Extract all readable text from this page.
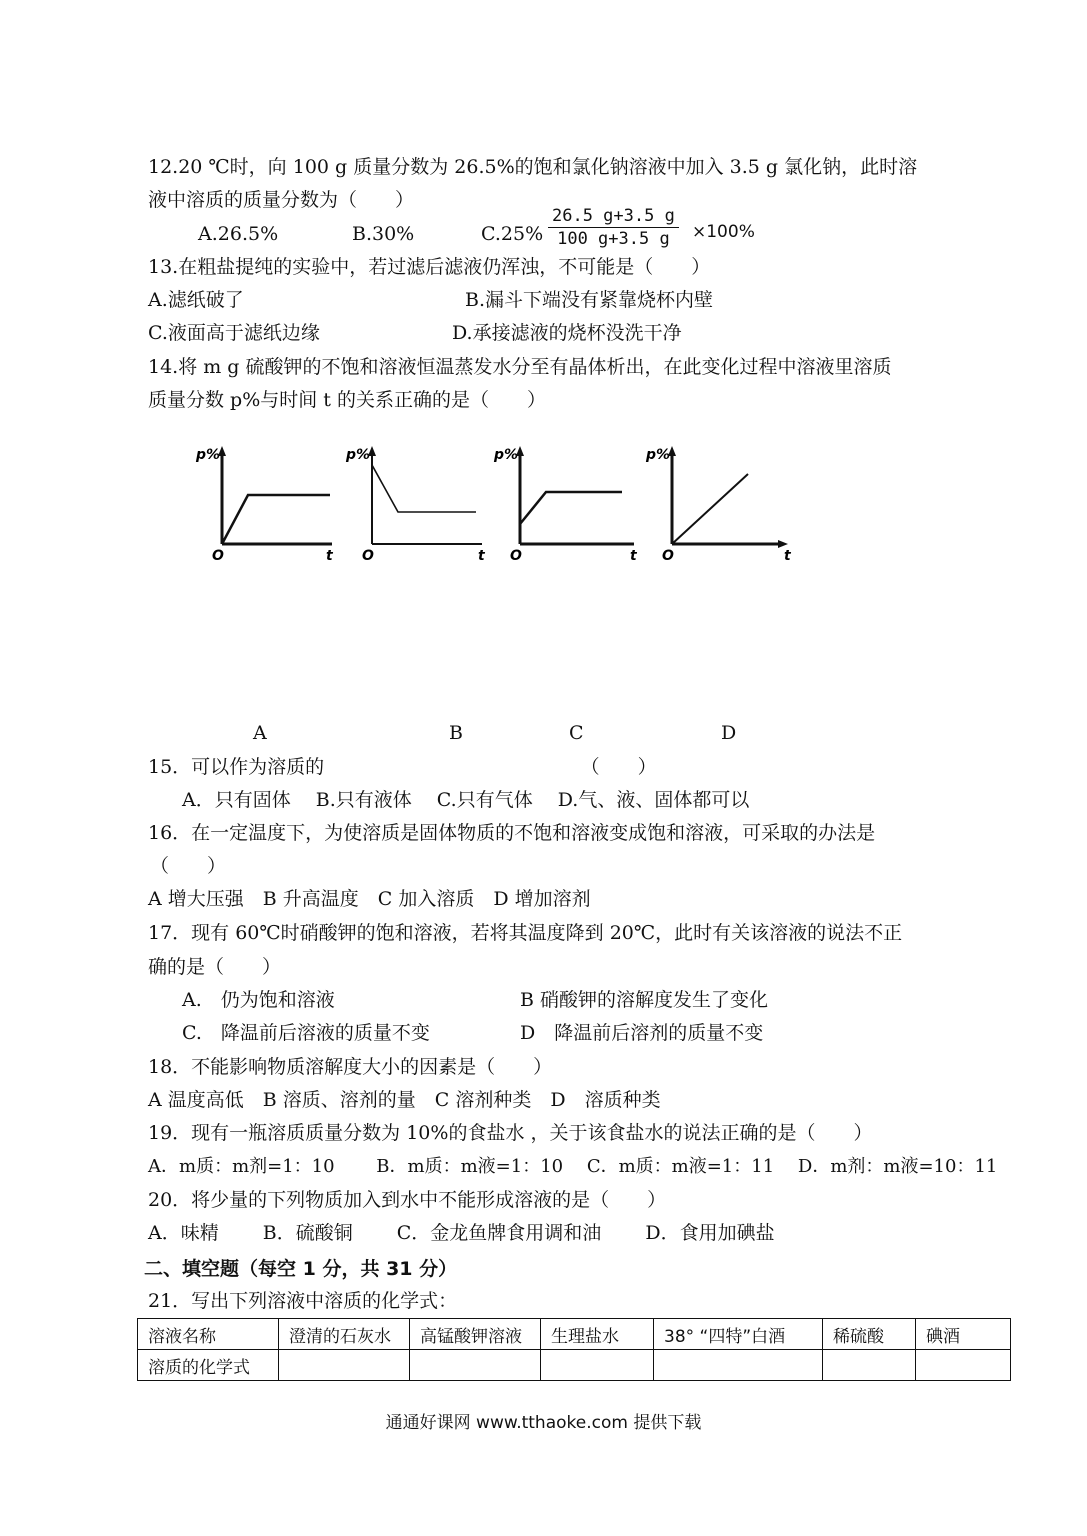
12.20 ℃时，向 100 g 质量分数为 26.5%的饱和氯化钠溶液中加入 3.5 g 氯化钠，此时溶
液中溶质的质量分数为（　　）
A.26.5%	B.30%	$C.25\% \frac{26.5 g+3.5 g}{100 g+3.5 g} \times 100\%$
13.在粗盐提纯的实验中，若过滤后滤液仍浑浊，不可能是（　　）
A.滤纸破了	B.漏斗下端没有紧靠烧杯内壁
C.液面高于滤纸边缘	D.承接滤液的烧杯没洗干净
14.将 m g 硫酸钾的不饱和溶液恒温蒸发水分至有晶体析出，在此变化过程中溶液里溶质
质量分数 p%与时间 t 的关系正确的是（　　）
p%
O	t
p%
O	t
p%
O	t
p%
O	t
A	B	C	D
15．可以作为溶质的　　　　　　　　　　　　　　（　　）
A．只有固体　 B.只有液体　 C.只有气体　 D.气、液、固体都可以
16．在一定温度下，为使溶质是固体物质的不饱和溶液变成饱和溶液，可采取的办法是
（　　）
A 增大压强　B 升高温度　C 加入溶质　D 增加溶剂
17．现有 60℃时硝酸钾的饱和溶液，若将其温度降到 20℃，此时有关该溶液的说法不正
确的是（　　）
A.　仍为饱和溶液	B 硝酸钾的溶解度发生了变化
C.　降温前后溶液的质量不变	D　降温前后溶剂的质量不变
18．不能影响物质溶解度大小的因素是（　　）
A 温度高低　B 溶质、溶剂的量　C 溶剂种类　D　溶质种类
19．现有一瓶溶质质量分数为 10%的食盐水 ，关于该食盐水的说法正确的是（　　）
A．m质：m剂=1：10　　 B．m质：m液=1：10　 C．m质：m液=1：11　 D．m剂：m液=10：11
20．将少量的下列物质加入到水中不能形成溶液的是（　　）
A．味精　　 B．硫酸铜　　 C．金龙鱼牌食用调和油　　 D．食用加碘盐
二、填空题（每空 1 分，共 31 分）
21．写出下列溶液中溶质的化学式：
溶液名称	澄清的石灰水	高锰酸钾溶液	生理盐水	38° “四特”白酒	稀硫酸	碘酒
溶质的化学式						
通通好课网 www.tthaoke.com 提供下载
